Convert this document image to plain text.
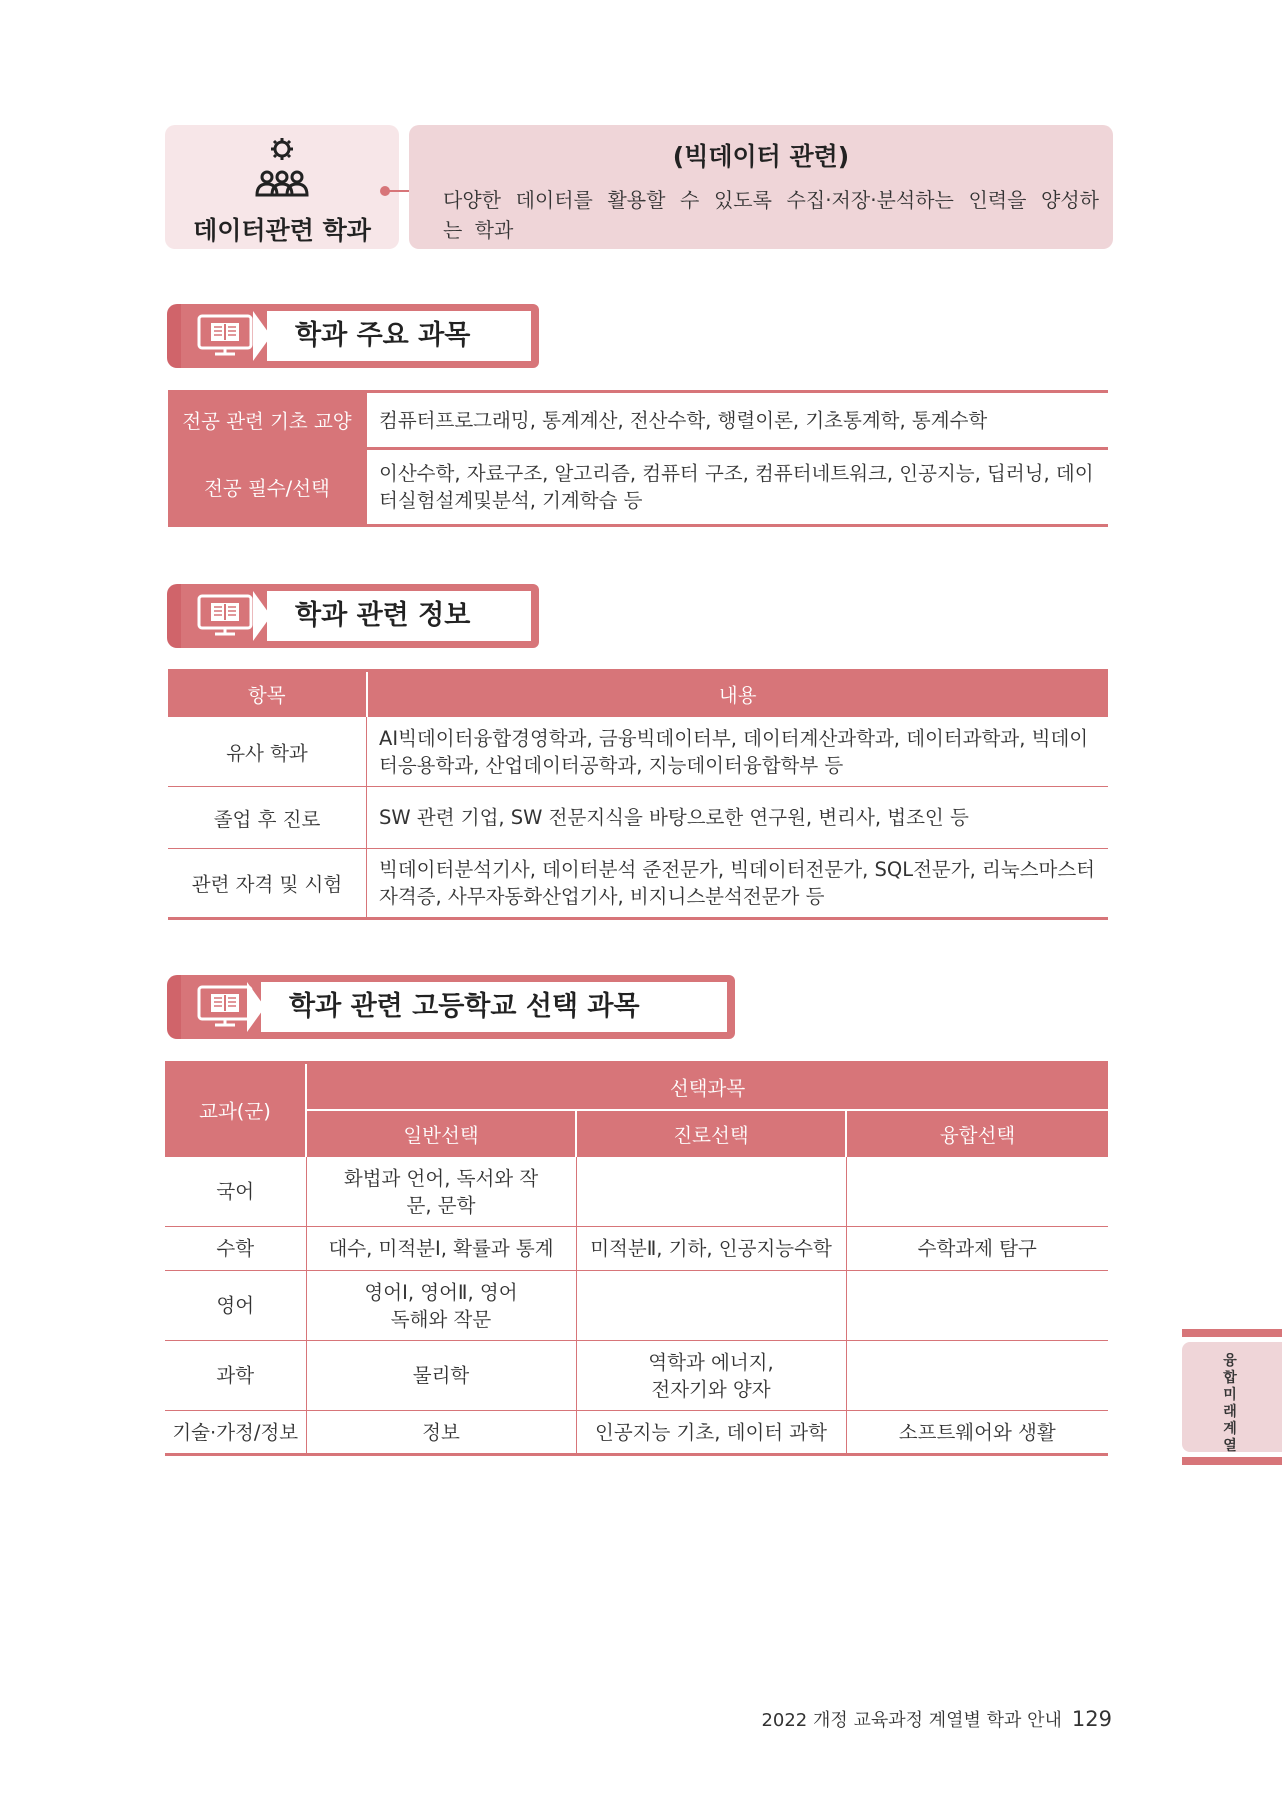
데이터관련 학과
(빅데이터 관련)
다양한 데이터를 활용할 수 있도록 수집·저장·분석하는 인력을 양성하는 학과
학과 주요 과목
전공 관련 기초 교양	컴퓨터프로그래밍, 통계계산, 전산수학, 행렬이론, 기초통계학, 통계수학
전공 필수/선택	이산수학, 자료구조, 알고리즘, 컴퓨터 구조, 컴퓨터네트워크, 인공지능, 딥러닝, 데이터실험설계및분석, 기계학습 등
학과 관련 정보
항목	내용
유사 학과	AI빅데이터융합경영학과, 금융빅데이터부, 데이터계산과학과, 데이터과학과, 빅데이터응용학과, 산업데이터공학과, 지능데이터융합학부 등
졸업 후 진로	SW 관련 기업, SW 전문지식을 바탕으로한 연구원, 변리사, 법조인 등
관련 자격 및 시험	빅데이터분석기사, 데이터분석 준전문가, 빅데이터전문가, SQL전문가, 리눅스마스터 자격증, 사무자동화산업기사, 비지니스분석전문가 등
학과 관련 고등학교 선택 과목
교과(군)	선택과목		
	일반선택	진로선택	융합선택
국어	화법과 언어, 독서와 작문, 문학		
수학	대수, 미적분Ⅰ, 확률과 통계	미적분Ⅱ, 기하, 인공지능수학	수학과제 탐구
영어	영어Ⅰ, 영어Ⅱ, 영어 독해와 작문		
과학	물리학	역학과 에너지, 전자기와 양자	
기술·가정/정보	정보	인공지능 기초, 데이터 과학	소프트웨어와 생활
융합미래 계열
2022 개정 교육과정 계열별 학과 안내 129
